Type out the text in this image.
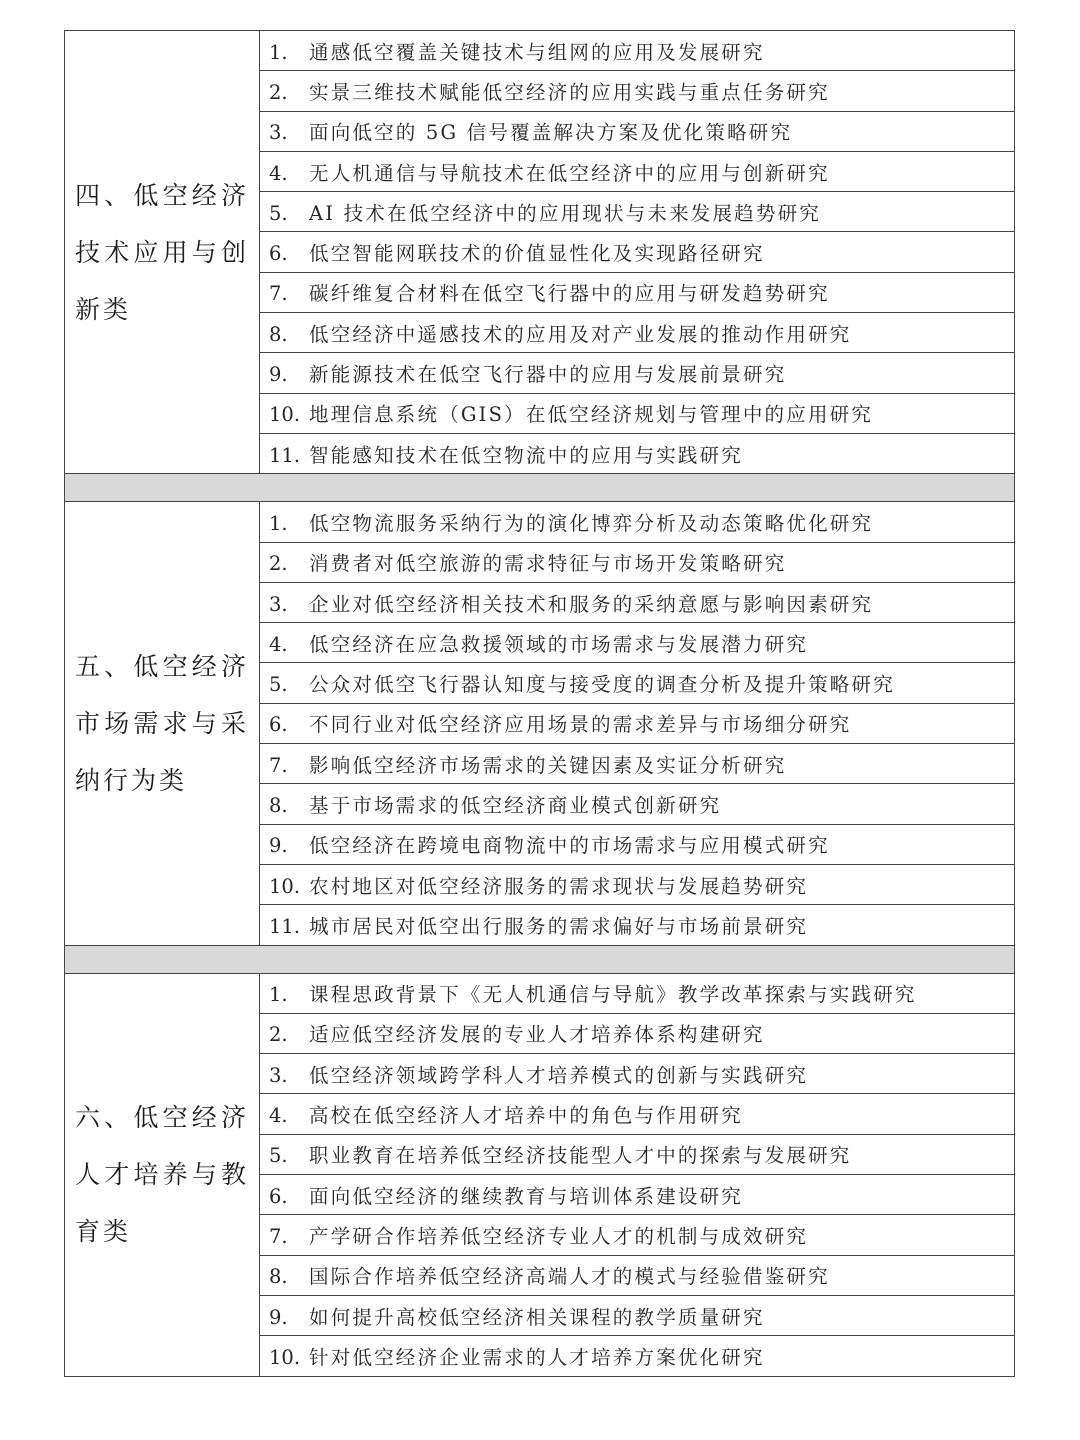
四、低空经济技术应用与创新类	1. 通感低空覆盖关键技术与组网的应用及发展研究
	2. 实景三维技术赋能低空经济的应用实践与重点任务研究
	3. 面向低空的 5G 信号覆盖解决方案及优化策略研究
	4. 无人机通信与导航技术在低空经济中的应用与创新研究
	5. AI 技术在低空经济中的应用现状与未来发展趋势研究
	6. 低空智能网联技术的价值显性化及实现路径研究
	7. 碳纤维复合材料在低空飞行器中的应用与研发趋势研究
	8. 低空经济中遥感技术的应用及对产业发展的推动作用研究
	9. 新能源技术在低空飞行器中的应用与发展前景研究
	10. 地理信息系统（GIS）在低空经济规划与管理中的应用研究
	11. 智能感知技术在低空物流中的应用与实践研究

五、低空经济市场需求与采纳行为类	1. 低空物流服务采纳行为的演化博弈分析及动态策略优化研究
	2. 消费者对低空旅游的需求特征与市场开发策略研究
	3. 企业对低空经济相关技术和服务的采纳意愿与影响因素研究
	4. 低空经济在应急救援领域的市场需求与发展潜力研究
	5. 公众对低空飞行器认知度与接受度的调查分析及提升策略研究
	6. 不同行业对低空经济应用场景的需求差异与市场细分研究
	7. 影响低空经济市场需求的关键因素及实证分析研究
	8. 基于市场需求的低空经济商业模式创新研究
	9. 低空经济在跨境电商物流中的市场需求与应用模式研究
	10. 农村地区对低空经济服务的需求现状与发展趋势研究
	11. 城市居民对低空出行服务的需求偏好与市场前景研究

六、低空经济人才培养与教育类	1. 课程思政背景下《无人机通信与导航》教学改革探索与实践研究
	2. 适应低空经济发展的专业人才培养体系构建研究
	3. 低空经济领域跨学科人才培养模式的创新与实践研究
	4. 高校在低空经济人才培养中的角色与作用研究
	5. 职业教育在培养低空经济技能型人才中的探索与发展研究
	6. 面向低空经济的继续教育与培训体系建设研究
	7. 产学研合作培养低空经济专业人才的机制与成效研究
	8. 国际合作培养低空经济高端人才的模式与经验借鉴研究
	9. 如何提升高校低空经济相关课程的教学质量研究
	10. 针对低空经济企业需求的人才培养方案优化研究
